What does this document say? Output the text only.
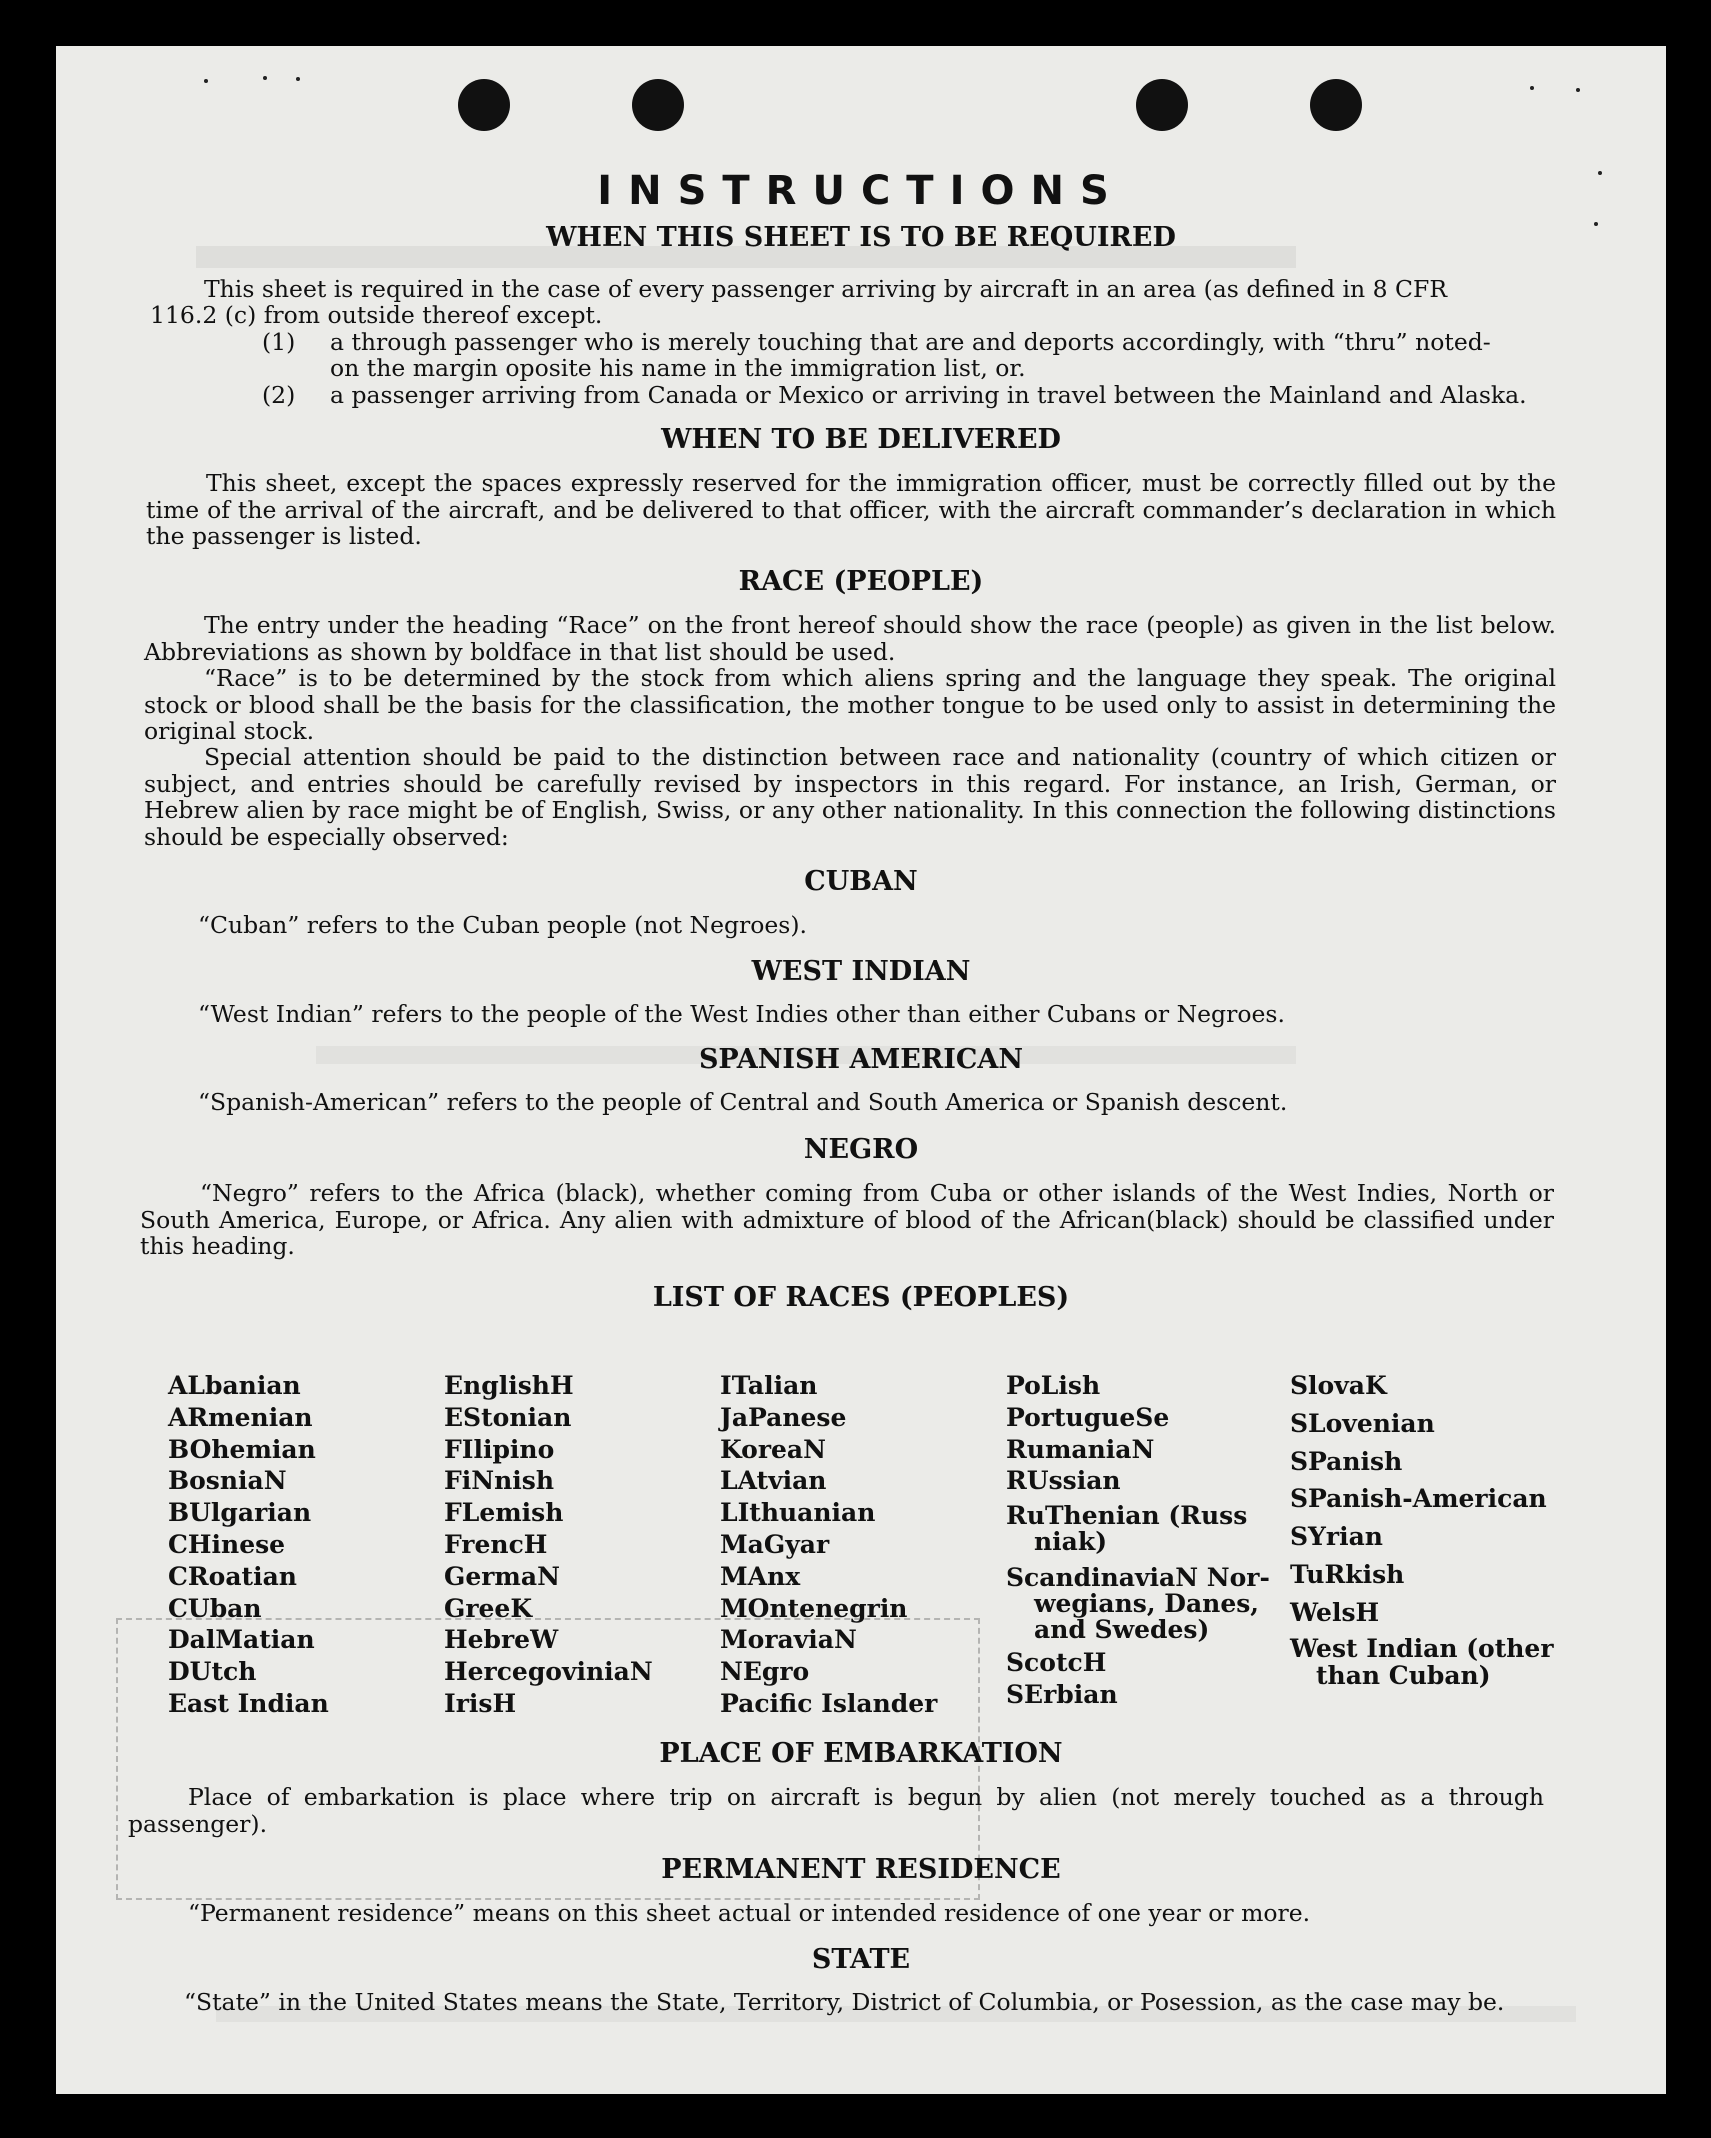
INSTRUCTIONS
WHEN THIS SHEET IS TO BE REQUIRED
This sheet is required in the case of every passenger arriving by aircraft in an area (as defined in 8 CFR
116.2 (c) from outside thereof except.
(1) a through passenger who is merely touching that are and deports accordingly, with “thru” noted-
on the margin oposite his name in the immigration list, or.
(2) a passenger arriving from Canada or Mexico or arriving in travel between the Mainland and Alaska.
WHEN TO BE DELIVERED
This sheet, except the spaces expressly reserved for the immigration officer, must be correctly filled out by the time of the arrival of the aircraft, and be delivered to that officer, with the aircraft commander’s declaration in which the passenger is listed.
RACE (PEOPLE)
The entry under the heading “Race” on the front hereof should show the race (people) as given in the list below. Abbreviations as shown by boldface in that list should be used.
“Race” is to be determined by the stock from which aliens spring and the language they speak. The original stock or blood shall be the basis for the classification, the mother tongue to be used only to assist in determining the original stock.
Special attention should be paid to the distinction between race and nationality (country of which citizen or subject, and entries should be carefully revised by inspectors in this regard. For instance, an Irish, German, or Hebrew alien by race might be of English, Swiss, or any other nationality. In this connection the following distinctions should be especially observed:
CUBAN
“Cuban” refers to the Cuban people (not Negroes).
WEST INDIAN
“West Indian” refers to the people of the West Indies other than either Cubans or Negroes.
SPANISH AMERICAN
“Spanish-American” refers to the people of Central and South America or Spanish descent.
NEGRO
“Negro” refers to the Africa (black), whether coming from Cuba or other islands of the West Indies, North or South America, Europe, or Africa. Any alien with admixture of blood of the African(black) should be classified under this heading.
LIST OF RACES (PEOPLES)
ALbanian
ARmenian
BOhemian
BosniaN
BUlgarian
CHinese
CRoatian
CUban
DalMatian
DUtch
East Indian
EnglishH
EStonian
FIlipino
FiNnish
FLemish
FrencH
GermaN
GreeK
HebreW
HercegoviniaN
IrisH
ITalian
JaPanese
KoreaN
LAtvian
LIthuanian
MaGyar
MAnx
MOntenegrin
MoraviaN
NEgro
Pacific Islander
PoLish
PortugueSe
RumaniaN
RUssian
RuThenian (Russ
niak)
ScandinaviaN Nor-
wegians, Danes,
and Swedes)
ScotcH
SErbian
SlovaK
SLovenian
SPanish
SPanish-American
SYrian
TuRkish
WelsH
West Indian (other
than Cuban)
PLACE OF EMBARKATION
Place of embarkation is place where trip on aircraft is begun by alien (not merely touched as a through passenger).
PERMANENT RESIDENCE
“Permanent residence” means on this sheet actual or intended residence of one year or more.
STATE
“State” in the United States means the State, Territory, District of Columbia, or Posession, as the case may be.
